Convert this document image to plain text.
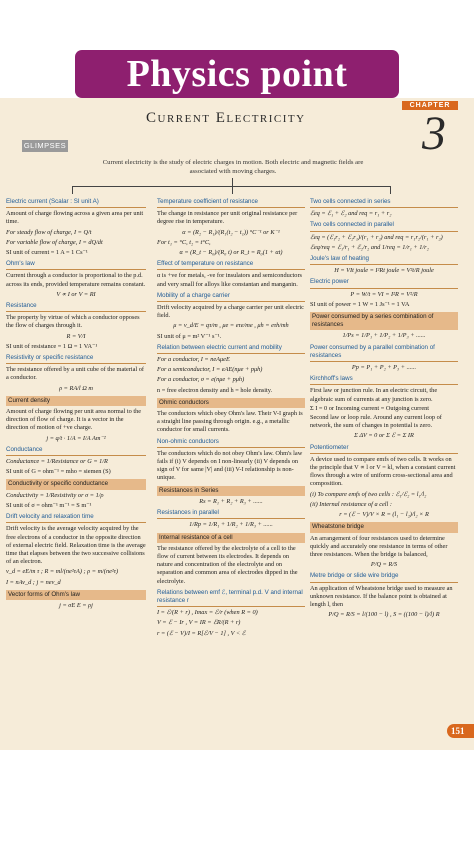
Physics point
CHAPTER
3
Current Electricity
GLIMPSES
Current electricity is the study of electric charges in motion. Both electric and magnetic fields are associated with moving charges.
Electric current (Scalar : SI unit A)
Amount of charge flowing across a given area per unit time.
For steady flow of charge, I = Q/t
For variable flow of charge, I = dQ/dt
SI unit of current = 1 A = 1 Cs⁻¹
Ohm's law
Current through a conductor is proportional to the p.d. across its ends, provided temperature remains constant.
V ∝ I or V = RI
Resistance
The property by virtue of which a conductor opposes the flow of charges through it.
R = V/I
SI unit of resistance = 1 Ω = 1 VA⁻¹
Resistivity or specific resistance
The resistance offered by a unit cube of the material of a conductor.
ρ = RA/l Ω m
Current density
Amount of charge flowing per unit area normal to the direction of flow of charge. It is a vector in the direction of motion of +ve charge.
j = q/t · 1/A = I/A Am⁻²
Conductance
Conductance = 1/Resistance or G = 1/R
SI unit of G = ohm⁻¹ = mho = siemen (S)
Conductivity or specific conductance
Conductivity = 1/Resistivity or σ = 1/ρ
SI unit of σ = ohm⁻¹ m⁻¹ = S m⁻¹
Drift velocity and relaxation time
Drift velocity is the average velocity acquired by the free electrons of a conductor in the opposite direction of external electric field. Relaxation time is the average time that elapses between the two successive collisions of an electron.
v_d = eE/m τ ; R = ml/(ne²τA) ; ρ = m/(ne²τ)
I = nAv_d ; j = nev_d
Vector forms of Ohm's law
j = σE E = ρj
Temperature coefficient of resistance
The change in resistance per unit original resistance per degree rise in temperature.
α = (R₂ − R₁)/(R₁(t₂ − t₁)) °C⁻¹ or K⁻¹
For t₁ = °C, t₂ = t°C,
α = (R_t − R₀)/(R₀ t) or R_t = R₀(1 + αt)
Effect of temperature on resistance
α is +ve for metals, -ve for insulators and semiconductors and very small for alloys like constantan and manganin.
Mobility of a charge carrier
Drift velocity acquired by a charge carrier per unit electric field.
μ = v_d/E = qτ/m , μe = eτe/me , μh = eτh/mh
SI unit of μ = m² V⁻¹ s⁻¹.
Relation between electric current and mobility
For a conductor, I = neAμeE
For a semiconductor, I = eAE(nμe + pμh)
For a conductor, σ = e(nμe + pμh)
n = free electron density and h = hole density.
Ohmic conductors
The conductors which obey Ohm's law. Their V-I graph is a straight line passing through origin. e.g., a metallic conductor for small currents.
Non-ohmic conductors
The conductors which do not obey Ohm's law. Ohm's law fails if (i) V depends on I non-linearly (ii) V depends on sign of V for same |V| and (iii) V-I relationship is non-unique.
Resistances in Series
Rs = R₁ + R₂ + R₃ + ......
Resistances in parallel
1/Rp = 1/R₁ + 1/R₂ + 1/R₃ + ......
Internal resistance of a cell
The resistance offered by the electrolyte of a cell to the flow of current between its electrodes. It depends on nature and concentration of the electrolyte and on separation and common area of electrodes dipped in the electrolyte.
Relations between emf ℰ, terminal p.d. V and internal resistance r
I = ℰ/(R + r) , Imax = ℰ/r (when R = 0)
V = ℰ − Ir , V = IR = ℰR/(R + r)
r = (ℰ − V)/I = R[ℰ/V − 1] , V < ℰ
Two cells connected in series
ℰeq = ℰ₁ + ℰ₂ and req = r₁ + r₂
Two cells connected in parallel
ℰeq = (ℰ₁r₂ + ℰ₂r₁)/(r₁ + r₂) and req = r₁r₂/(r₁ + r₂)
ℰeq/req = ℰ₁/r₁ + ℰ₂/r₂ and 1/req = 1/r₁ + 1/r₂
Joule's law of heating
H = VIt joule = I²Rt joule = V²t/R joule
Electric power
P = W/t = VI = I²R = V²/R
SI unit of power = 1 W = 1 Js⁻¹ = 1 VA
Power consumed by a series combination of resistances
1/Ps = 1/P₁ + 1/P₂ + 1/P₃ + ......
Power consumed by a parallel combination of resistances
Pp = P₁ + P₂ + P₃ + ......
Kirchhoff's laws
First law or junction rule. In an electric circuit, the algebraic sum of currents at any junction is zero.
Σ I = 0 or Incoming current = Outgoing current
Second law or loop rule. Around any current loop of network, the sum of changes in potential is zero.
Σ ΔV = 0 or Σ ℰ = Σ IR
Potentiometer
A device used to compare emfs of two cells. It works on the principle that V ∝ l or V = kl, when a constant current flows through a wire of uniform cross-sectional area and composition.
(i) To compare emfs of two cells : ℰ₁/ℰ₂ = l₁/l₂
(ii) Internal resistance of a cell :
r = (ℰ − V)/V × R = (l₁ − l₂)/l₂ × R
Wheatstone bridge
An arrangement of four resistances used to determine quickly and accurately one resistance in terms of other three resistances. When the bridge is balanced,
P/Q = R/S
Metre bridge or slide wire bridge
An application of Wheatstone bridge used to measure an unknown resistance. If the balance point is obtained at length l, then
P/Q = R/S = l/(100 − l) , S = ((100 − l)/l) R
151
